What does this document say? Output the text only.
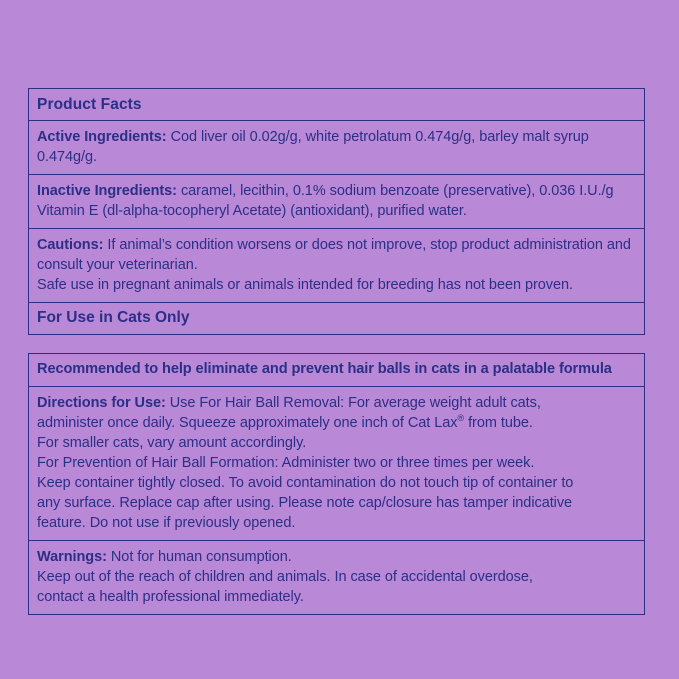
Product Facts
Active Ingredients: Cod liver oil 0.02g/g, white petrolatum 0.474g/g, barley malt syrup 0.474g/g.
Inactive Ingredients: caramel, lecithin, 0.1% sodium benzoate (preservative), 0.036 I.U./g Vitamin E (dl-alpha-tocopheryl Acetate) (antioxidant), purified water.
Cautions: If animal’s condition worsens or does not improve, stop product administration and consult your veterinarian.
Safe use in pregnant animals or animals intended for breeding has not been proven.
For Use in Cats Only
Recommended to help eliminate and prevent hair balls in cats in a palatable formula
Directions for Use: Use For Hair Ball Removal: For average weight adult cats,
administer once daily. Squeeze approximately one inch of Cat Lax® from tube.
For smaller cats, vary amount accordingly.
For Prevention of Hair Ball Formation: Administer two or three times per week.
Keep container tightly closed. To avoid contamination do not touch tip of container to
any surface. Replace cap after using. Please note cap/closure has tamper indicative
feature. Do not use if previously opened.
Warnings: Not for human consumption.
Keep out of the reach of children and animals. In case of accidental overdose,
contact a health professional immediately.
